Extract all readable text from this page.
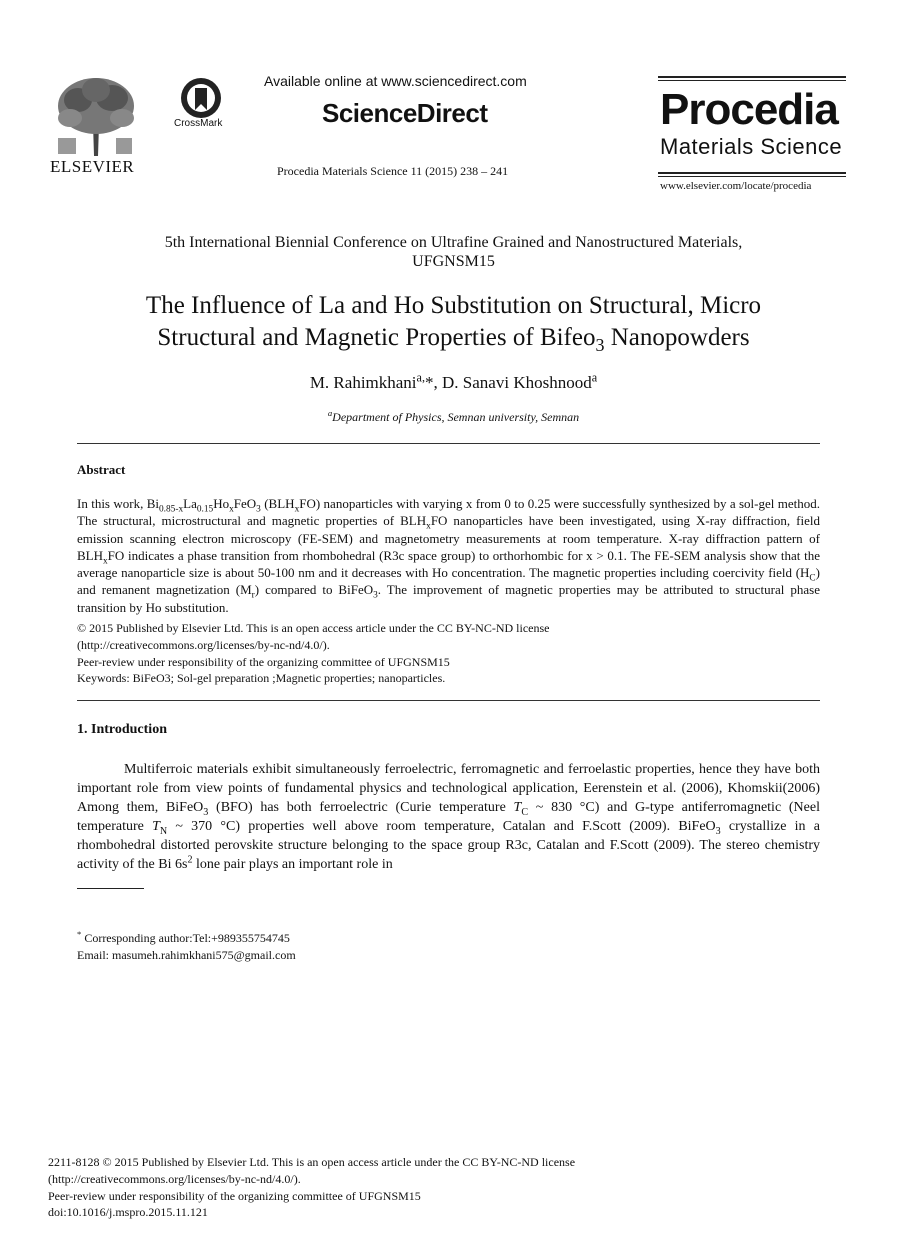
ELSEVIER
CrossMark
Available online at www.sciencedirect.com
ScienceDirect
Procedia Materials Science 11 (2015) 238 – 241
Procedia
Materials Science
www.elsevier.com/locate/procedia
5th International Biennial Conference on Ultrafine Grained and Nanostructured Materials,
UFGNSM15
The Influence of La and Ho Substitution on Structural, Micro
Structural and Magnetic Properties of Bifeo$_3$ Nanopowders
M. Rahimkhani$^{a,}$*, D. Sanavi Khoshnood$^a$
$^a$Department of Physics, Semnan university, Semnan
Abstract
In this work, $Bi_{0.85-x}La_{0.15}Ho_xFeO_3$ $(BLH_xFO)$ nanoparticles with varying x from 0 to 0.25 were successfully synthesized by a sol-gel method. The structural, microstructural and magnetic properties of $BLH_xFO$ nanoparticles have been investigated, using X-ray diffraction, field emission scanning electron microscopy (FE-SEM) and magnetometry measurements at room temperature. X-ray diffraction pattern of $BLH_xFO$ indicates a phase transition from rhombohedral (R3c space group) to orthorhombic for x > 0.1. The FE-SEM analysis show that the average nanoparticle size is about 50-100 nm and it decreases with Ho concentration. The magnetic properties including coercivity field $(H_C)$ and remanent magnetization $(M_r)$ compared to BiFeO$_3$. The improvement of magnetic properties may be attributed to structural phase transition by Ho substitution.
© 2015 Published by Elsevier Ltd. This is an open access article under the CC BY-NC-ND license
(http://creativecommons.org/licenses/by-nc-nd/4.0/).
Peer-review under responsibility of the organizing committee of UFGNSM15
Keywords: BiFeO3; Sol-gel preparation ;Magnetic properties; nanoparticles.
1. Introduction
Multiferroic materials exhibit simultaneously ferroelectric, ferromagnetic and ferroelastic properties, hence they have both important role from view points of fundamental physics and technological application, Eerenstein et al. (2006), Khomskii(2006) Among them, BiFeO$_3$ (BFO) has both ferroelectric (Curie temperature $T_C$ ~ 830 °C) and G-type antiferromagnetic (Neel temperature $T_N$ ~ 370 °C) properties well above room temperature, Catalan and F.Scott (2009). BiFeO$_3$ crystallize in a rhombohedral distorted perovskite structure belonging to the space group R3c, Catalan and F.Scott (2009). The stereo chemistry activity of the Bi $6s^2$ lone pair plays an important role in
* Corresponding author:Tel:+989355754745
Email: masumeh.rahimkhani575@gmail.com
2211-8128 © 2015 Published by Elsevier Ltd. This is an open access article under the CC BY-NC-ND license
(http://creativecommons.org/licenses/by-nc-nd/4.0/).
Peer-review under responsibility of the organizing committee of UFGNSM15
doi:10.1016/j.mspro.2015.11.121
